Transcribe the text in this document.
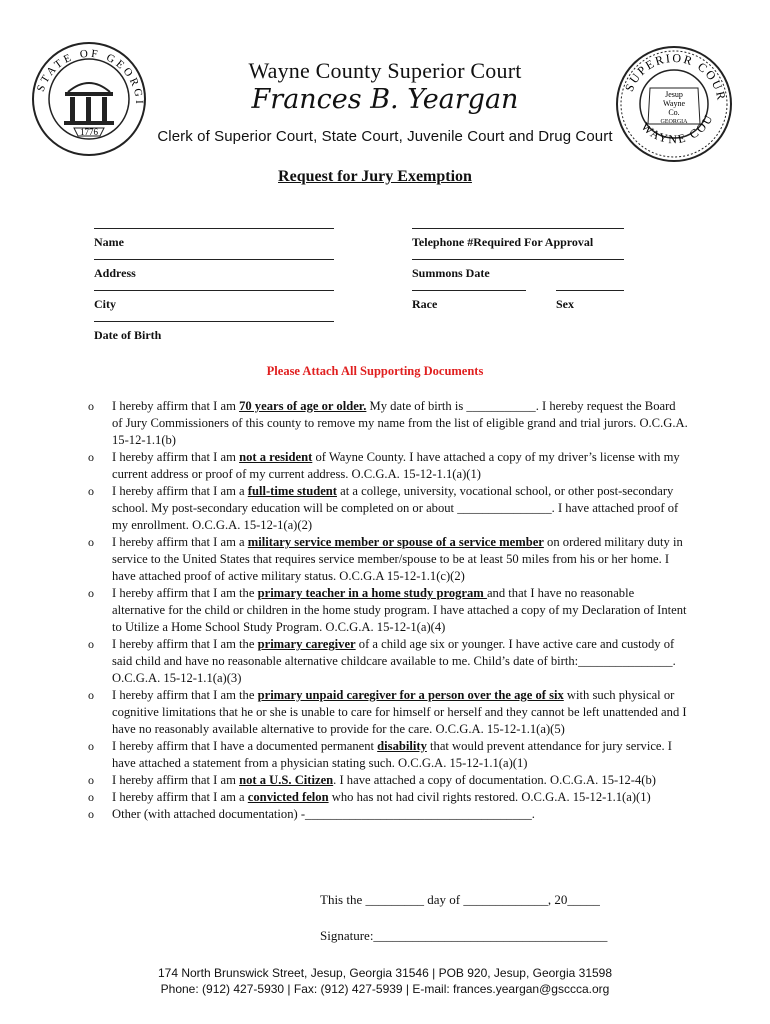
STATE OF GEORGI
1776
SUPERIOR COUR
WAYNE COU
Jesup
Wayne
Co.
GEORGIA
Wayne County Superior Court
Frances B. Yeargan
Clerk of Superior Court, State Court, Juvenile Court and Drug Court
Request for Jury Exemption
Name	Telephone #Required For Approval
Address	Summons Date
City	Race	Sex
Date of Birth
Please Attach All Supporting Documents
o I hereby affirm that I am 70 years of age or older. My date of birth is ___________. I hereby request the Board of Jury Commissioners of this county to remove my name from the list of eligible grand and trial jurors. O.C.G.A. 15-12-1.1(b)
o I hereby affirm that I am not a resident of Wayne County. I have attached a copy of my driver’s license with my current address or proof of my current address. O.C.G.A. 15-12-1.1(a)(1)
o I hereby affirm that I am a full-time student at a college, university, vocational school, or other post-secondary school. My post-secondary education will be completed on or about _______________. I have attached proof of my enrollment. O.C.G.A. 15-12-1(a)(2)
o I hereby affirm that I am a military service member or spouse of a service member on ordered military duty in service to the United States that requires service member/spouse to be at least 50 miles from his or her home. I have attached proof of active military status. O.C.G.A 15-12-1.1(c)(2)
o I hereby affirm that I am the primary teacher in a home study program and that I have no reasonable alternative for the child or children in the home study program. I have attached a copy of my Declaration of Intent to Utilize a Home School Study Program. O.C.G.A. 15-12-1(a)(4)
o I hereby affirm that I am the primary caregiver of a child age six or younger. I have active care and custody of said child and have no reasonable alternative childcare available to me. Child’s date of birth:_______________. O.C.G.A. 15-12-1.1(a)(3)
o I hereby affirm that I am the primary unpaid caregiver for a person over the age of six with such physical or cognitive limitations that he or she is unable to care for himself or herself and they cannot be left unattended and I have no reasonably available alternative to provide for the care. O.C.G.A. 15-12-1.1(a)(5)
o I hereby affirm that I have a documented permanent disability that would prevent attendance for jury service. I have attached a statement from a physician stating such. O.C.G.A. 15-12-1.1(a)(1)
o I hereby affirm that I am not a U.S. Citizen. I have attached a copy of documentation. O.C.G.A. 15-12-4(b)
o I hereby affirm that I am a convicted felon who has not had civil rights restored. O.C.G.A. 15-12-1.1(a)(1)
o Other (with attached documentation) -____________________________________.
This the _________ day of _____________, 20_____
Signature:____________________________________
174 North Brunswick Street, Jesup, Georgia 31546 | POB 920, Jesup, Georgia 31598
Phone: (912) 427-5930 | Fax: (912) 427-5939 | E-mail: frances.yeargan@gsccca.org
